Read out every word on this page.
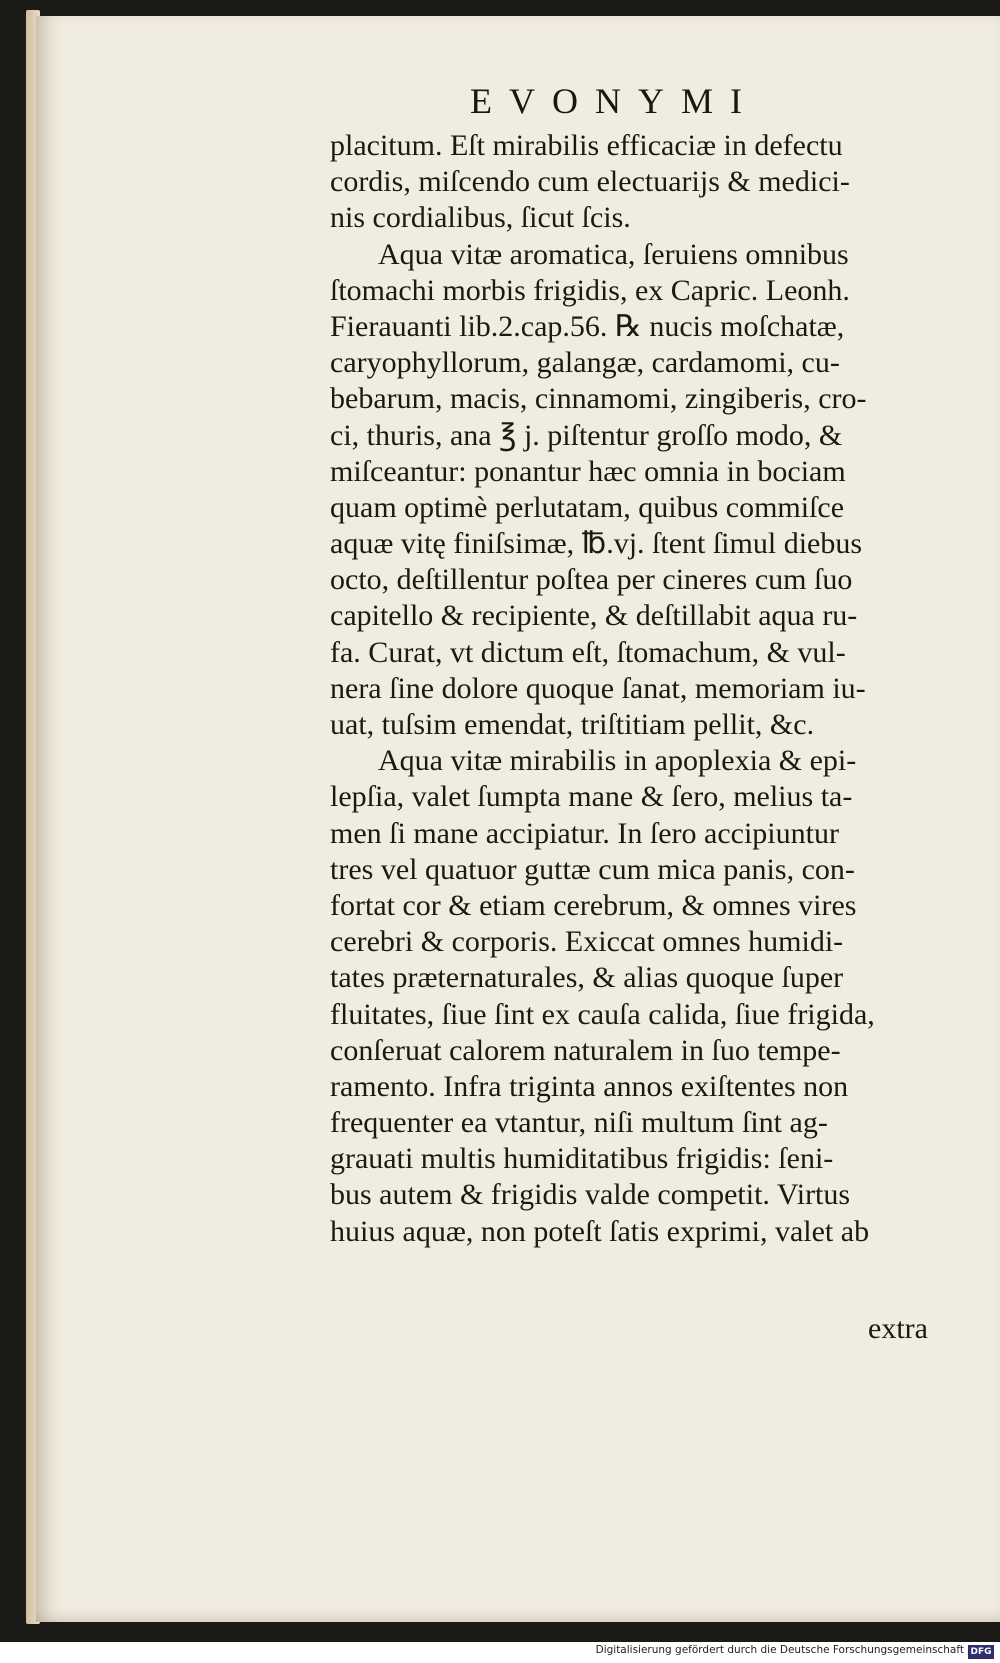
EVONYMI
placitum. Eſt mirabilis efficaciæ in defectu
cordis, miſcendo cum electuarijs & medici-
nis cordialibus, ſicut ſcis.
Aqua vitæ aromatica, ſeruiens omnibus
ſtomachi morbis frigidis, ex Capric. Leonh.
Fierauanti lib.2.cap.56. ℞ nucis moſchatæ,
caryophyllorum, galangæ, cardamomi, cu-
bebarum, macis, cinnamomi, zingiberis, cro-
ci, thuris, ana ℥ j. piſtentur groſſo modo, &
miſceantur: ponantur hæc omnia in bociam
quam optimè perlutatam, quibus commiſce
aquæ vitę finiſsimæ, ℔.vj. ſtent ſimul diebus
octo, deſtillentur poſtea per cineres cum ſuo
capitello & recipiente, & deſtillabit aqua ru-
fa. Curat, vt dictum eſt, ſtomachum, & vul-
nera ſine dolore quoque ſanat, memoriam iu-
uat, tuſsim emendat, triſtitiam pellit, &c.
Aqua vitæ mirabilis in apoplexia & epi-
lepſia, valet ſumpta mane & ſero, melius ta-
men ſi mane accipiatur. In ſero accipiuntur
tres vel quatuor guttæ cum mica panis, con-
fortat cor & etiam cerebrum, & omnes vires
cerebri & corporis. Exiccat omnes humidi-
tates præternaturales, & alias quoque ſuper
fluitates, ſiue ſint ex cauſa calida, ſiue frigida,
conſeruat calorem naturalem in ſuo tempe-
ramento. Infra triginta annos exiſtentes non
frequenter ea vtantur, niſi multum ſint ag-
grauati multis humiditatibus frigidis: ſeni-
bus autem & frigidis valde competit. Virtus
huius aquæ, non poteſt ſatis exprimi, valet ab
extra
Digitalisierung gefördert durch die Deutsche Forschungsgemeinschaft DFG
